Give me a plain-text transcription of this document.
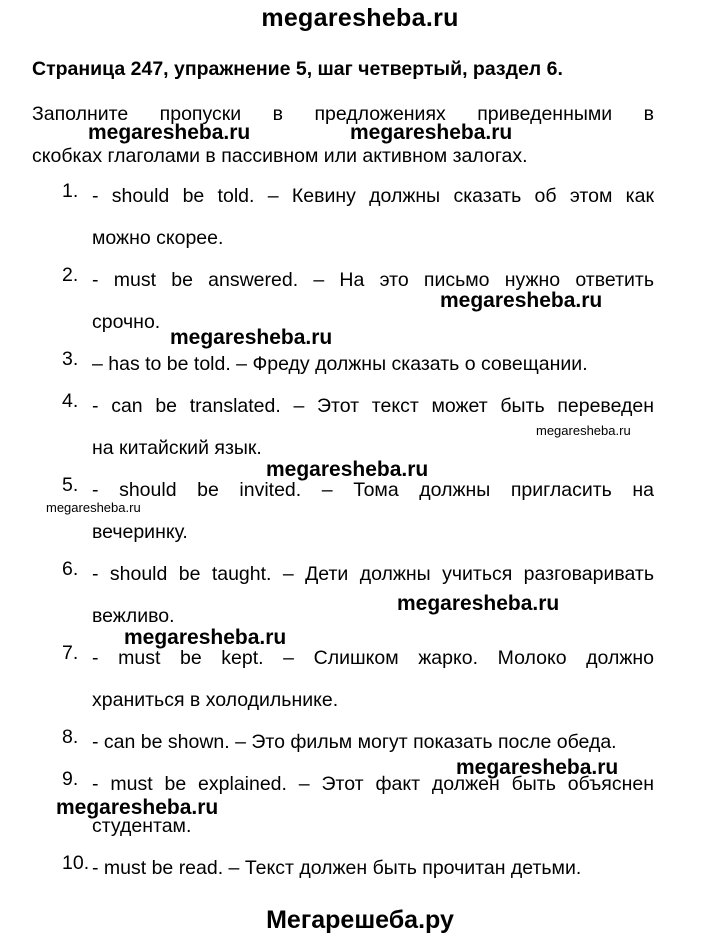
megaresheba.ru
Страница 247, упражнение 5, шаг четвертый, раздел 6.
Заполните пропуски в предложениях приведенными в
скобках глаголами в пассивном или активном залогах.
1. - should be told. – Кевину должны сказать об этом как
можно скорее.
2. - must be answered. – На это письмо нужно ответить
срочно.
3. – has to be told. – Фреду должны сказать о совещании.
4. - can be translated. – Этот текст может быть переведен
на китайский язык.
5. - should be invited. – Тома должны пригласить на
вечеринку.
6. - should be taught. – Дети должны учиться разговаривать
вежливо.
7. - must be kept. – Слишком жарко. Молоко должно
храниться в холодильнике.
8. - can be shown. – Это фильм могут показать после обеда.
9. - must be explained. – Этот факт должен быть объяснен
студентам.
10. - must be read. – Текст должен быть прочитан детьми.
megaresheba.ru	megaresheba.ru
megaresheba.ru
megaresheba.ru
megaresheba.ru
megaresheba.ru
megaresheba.ru
megaresheba.ru
megaresheba.ru
megaresheba.ru
megaresheba.ru
Мегарешеба.ру
